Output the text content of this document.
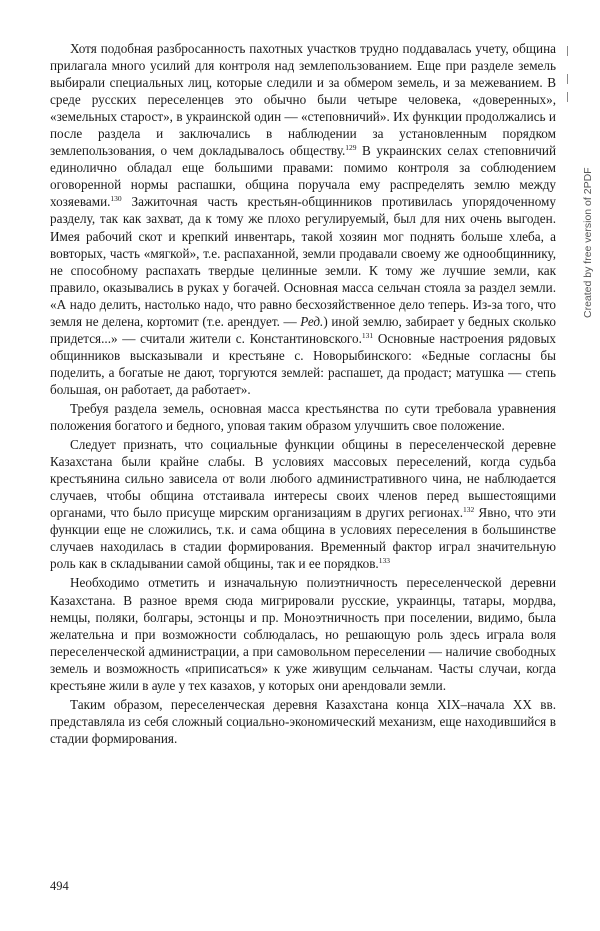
Хотя подобная разбросанность пахотных участков трудно поддавалась учету, община прилагала много усилий для контроля над землепользованием. Еще при разделе земель выбирали специальных лиц, которые следили и за обмером земель, и за межеванием. В среде русских переселенцев это обычно были четыре человека, «доверенных», «земельных старост», в украинской один — «степовничий». Их функции продолжались и после раздела и заключались в наблюдении за установленным порядком землепользования, о чем докладывалось обществу.$^{129}$ В украинских селах степовничий единолично обладал еще большими правами: помимо контроля за соблюдением оговоренной нормы распашки, община поручала ему распределять землю между хозяевами.$^{130}$ Зажиточная часть крестьян-общинников противилась упорядоченному разделу, так как захват, да к тому же плохо регулируемый, был для них очень выгоден. Имея рабочий скот и крепкий инвентарь, такой хозяин мог поднять больше хлеба, а вовторых, часть «мягкой», т.е. распаханной, земли продавали своему же однообщиннику, не способному распахать твердые целинные земли. К тому же лучшие земли, как правило, оказывались в руках у богачей. Основная масса сельчан стояла за раздел земли. «А надо делить, настолько надо, что равно бесхозяйственное дело теперь. Из-за того, что земля не делена, кортомит (т.е. арендует. — Ред.) иной землю, забирает у бедных сколько придется...» — считали жители с. Константиновского.$^{131}$ Основные настроения рядовых общинников высказывали и крестьяне с. Новорыбинского: «Бедные согласны бы поделить, а богатые не дают, торгуются землей: распашет, да продаст; матушка — степь большая, он работает, да работает».

Требуя раздела земель, основная масса крестьянства по сути требовала уравнения положения богатого и бедного, уповая таким образом улучшить свое положение.

Следует признать, что социальные функции общины в переселенческой деревне Казахстана были крайне слабы. В условиях массовых переселений, когда судьба крестьянина сильно зависела от воли любого административного чина, не наблюдается случаев, чтобы община отстаивала интересы своих членов перед вышестоящими органами, что было присуще мирским организациям в других регионах.$^{132}$ Явно, что эти функции еще не сложились, т.к. и сама община в условиях переселения в большинстве случаев находилась в стадии формирования. Временный фактор играл значительную роль как в складывании самой общины, так и ее порядков.$^{133}$

Необходимо отметить и изначальную полиэтничность переселенческой деревни Казахстана. В разное время сюда мигрировали русские, украинцы, татары, мордва, немцы, поляки, болгары, эстонцы и пр. Моноэтничность при поселении, видимо, была желательна и при возможности соблюдалась, но решающую роль здесь играла воля переселенческой администрации, а при самовольном переселении — наличие свободных земель и возможность «приписаться» к уже живущим сельчанам. Часты случаи, когда крестьяне жили в ауле у тех казахов, у которых они арендовали земли.

Таким образом, переселенческая деревня Казахстана конца XIX–начала XX вв. представляла из себя сложный социально-экономический механизм, еще находившийся в стадии формирования.

494
Created by free version of 2PDF
